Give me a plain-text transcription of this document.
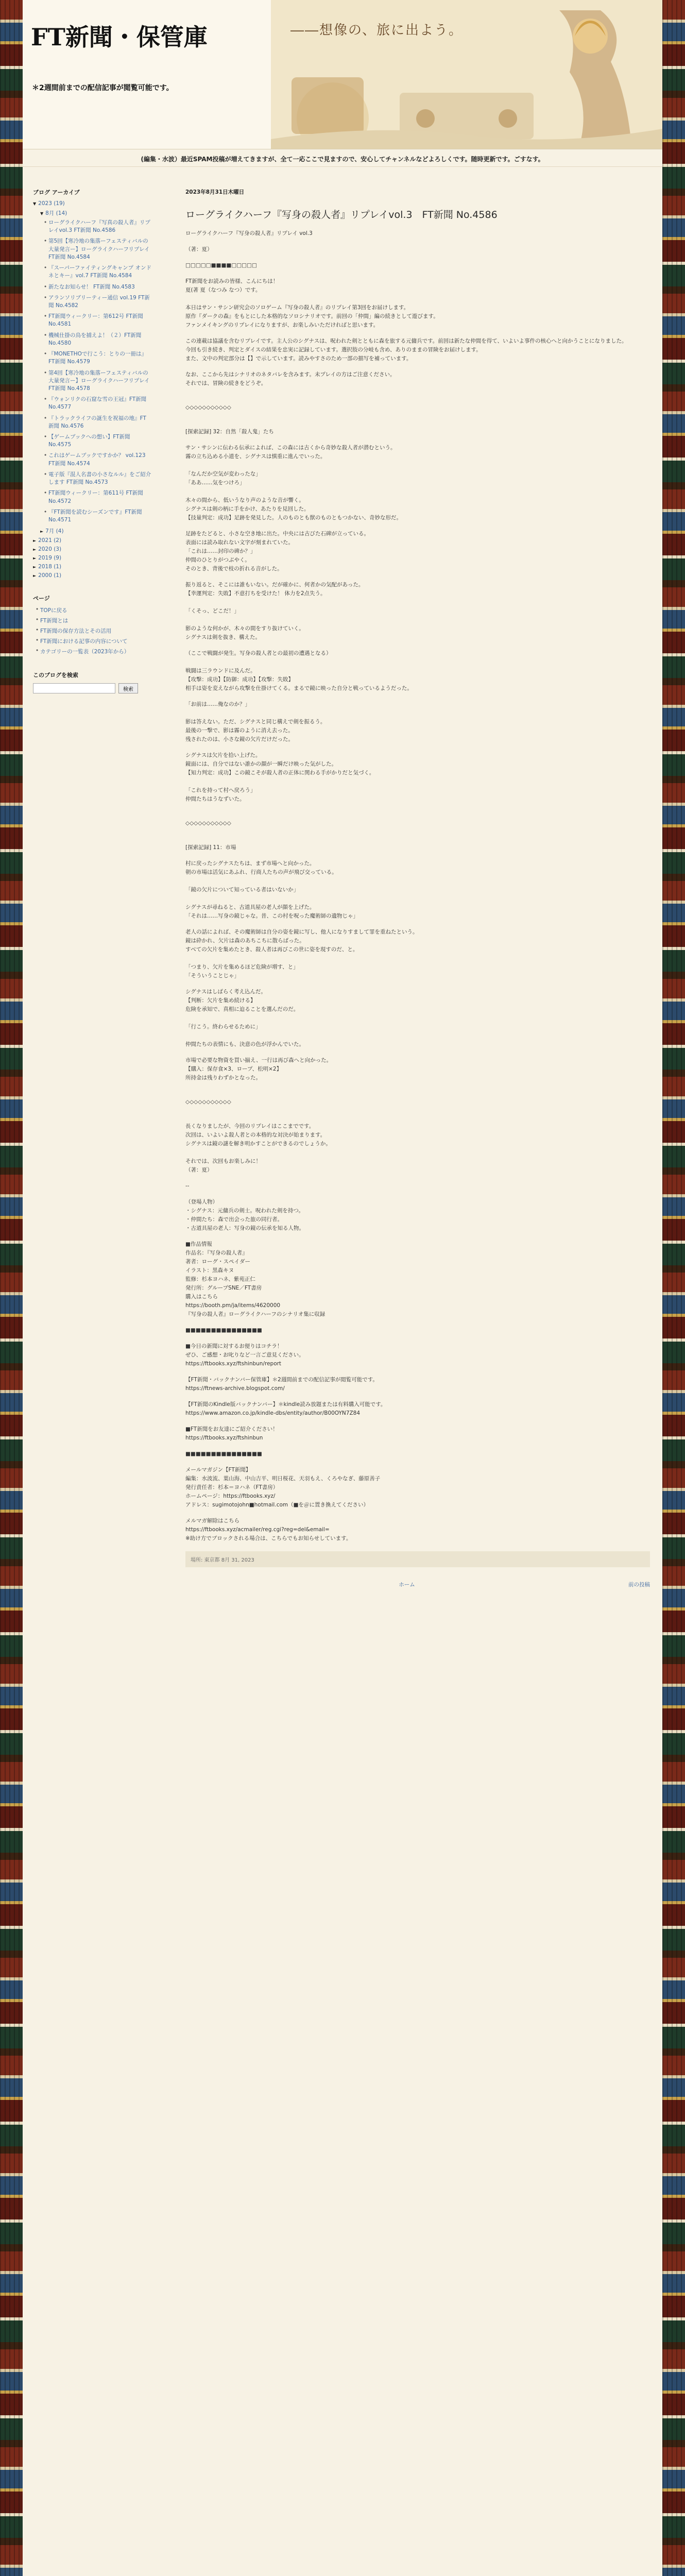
FT新聞・保管庫	――想像の、旅に出よう。
＊2週間前までの配信記事が閲覧可能です。
(編集・水波）最近SPAM投稿が増えてきますが、全て一応ここで見ますので、安心してチャンネルなどよろしくです。随時更新です。ごすなす。
ブログ アーカイブ
▼ 2023 (19)
▼ 8月 (14)
• ローグライクハーフ『写真の殺人者』リプレイvol.3 FT新聞 No.4586
• 第5回【寒冷地の集落ーフェスティバルの大量発言ー】ローグライクハーフリプレイ FT新聞 No.4584
• 『スーパーファイティングキャンプ オンドネとキー』vol.7 FT新聞 No.4584
• 新たなお知らせ！ FT新聞 No.4583
• アランソリブリーティー通信 vol.19 FT新聞 No.4582
• FT新聞ウィークリー：第612号 FT新聞 No.4581
• 機械仕掛の鳥を捕えよ！（２）FT新聞 No.4580
• 『MONETHOで行こう：とりの一冊は』FT新聞 No.4579
• 第4回【寒冷地の集落ーフェスティバルの大量発言ー】ローグライクハーフリプレイ FT新聞 No.4578
• 『ウォンリクの石窟な雪の王冠』FT新聞 No.4577
• 『トラックライフの誕生を祝福の地』FT新聞 No.4576
• 【ゲームブックへの想い】FT新聞 No.4575
• これはゲームブックですかか？ vol.123 FT新聞 No.4574
• 電子版『混人名書の小さなルル』をご紹介します FT新聞 No.4573
• FT新聞ウィークリー：第611号 FT新聞 No.4572
• 『FT新聞を読むシーズンです』FT新聞 No.4571
► 7月 (4)
► 2021 (2)
► 2020 (3)
► 2019 (9)
► 2018 (1)
► 2000 (1)
ページ
• TOPに戻る
• FT新聞とは
• FT新聞の保存方法とその活用
• FT新聞における記事の内容について
• カテゴリーの一覧表（2023年から）
このブログを検索
検索
2023年8月31日木曜日
ローグライクハーフ『写身の殺人者』リプレイvol.3　FT新聞 No.4586

ローグライクハーフ『写身の殺人者』リプレイ vol.3

（著：夏）

□□□□□■■■■□□□□□

FT新聞をお読みの皆様、こんにちは！
夏(著 夏（なつみ なつ）です。

本日はサン・サシン研究会のソロゲーム『写身の殺人者』のリプレイ第3回をお届けします。
原作『ダークの森』をもとにした本格的なソロシナリオです。前回の「仲間」編の続きとして遊びます。
ファンメイキングのリプレイになりますが、お楽しみいただければと思います。

この連載は協議を含むリプレイです。主人公のシグナスは、呪われた剣とともに森を旅する元傭兵です。前回は新たな仲間を得て、いよいよ事件の核心へと向かうことになりました。
今回も引き続き、判定とダイスの結果を忠実に記録しています。選択肢の分岐も含め、ありのままの冒険をお届けします。
また、文中の判定部分は【】で示しています。読みやすさのため一部の描写を補っています。

なお、ここから先はシナリオのネタバレを含みます。未プレイの方はご注意ください。
それでは、冒険の続きをどうぞ。

◇◇◇◇◇◇◇◇◇◇◇

[探索記録] 32：自然「殺人鬼」たち

サン・サシンに伝わる伝承によれば、この森には古くから奇妙な殺人者が潜むという。
霧の立ち込める小道を、シグナスは慎重に進んでいった。

「なんだか空気が変わったな」
「ああ……気をつけろ」

木々の間から、低いうなり声のような音が響く。
シグナスは剣の柄に手をかけ、あたりを見回した。
【技量判定：成功】足跡を発見した。人のものとも獣のものともつかない、奇妙な形だ。

足跡をたどると、小さな空き地に出た。中央には古びた石碑が立っている。
表面には読み取れない文字が刻まれていた。
「これは……封印の碑か？」
仲間のひとりがつぶやく。
そのとき、背後で枝の折れる音がした。

振り返ると、そこには誰もいない。だが確かに、何者かの気配があった。
【幸運判定：失敗】不意打ちを受けた！ 体力を2点失う。

「くそっ、どこだ！」

影のような何かが、木々の間をすり抜けていく。
シグナスは剣を抜き、構えた。

（ここで戦闘が発生。写身の殺人者との最初の遭遇となる）

戦闘は三ラウンドに及んだ。
【攻撃：成功】【防御：成功】【攻撃：失敗】
相手は姿を変えながら攻撃を仕掛けてくる。まるで鏡に映った自分と戦っているようだった。

「お前は……俺なのか？」

影は答えない。ただ、シグナスと同じ構えで剣を振るう。
最後の一撃で、影は霧のように消え去った。
残されたのは、小さな鏡の欠片だけだった。

シグナスは欠片を拾い上げた。
鏡面には、自分ではない誰かの顔が一瞬だけ映った気がした。
【知力判定：成功】この鏡こそが殺人者の正体に関わる手がかりだと気づく。

「これを持って村へ戻ろう」
仲間たちはうなずいた。

◇◇◇◇◇◇◇◇◇◇◇

[探索記録] 11：市場

村に戻ったシグナスたちは、まず市場へと向かった。
朝の市場は活気にあふれ、行商人たちの声が飛び交っている。

「鏡の欠片について知っている者はいないか」

シグナスが尋ねると、古道具屋の老人が顔を上げた。
「それは……写身の鏡じゃな。昔、この村を呪った魔術師の遺物じゃ」

老人の話によれば、その魔術師は自分の姿を鏡に写し、他人になりすまして罪を重ねたという。
鏡は砕かれ、欠片は森のあちこちに散らばった。
すべての欠片を集めたとき、殺人者は再びこの世に姿を現すのだ、と。

「つまり、欠片を集めるほど危険が増す、と」
「そういうことじゃ」

シグナスはしばらく考え込んだ。
【判断：欠片を集め続ける】
危険を承知で、真相に迫ることを選んだのだ。

「行こう。終わらせるために」

仲間たちの表情にも、決意の色が浮かんでいた。

市場で必要な物資を買い揃え、一行は再び森へと向かった。
【購入：保存食×3、ロープ、松明×2】
所持金は残りわずかとなった。

◇◇◇◇◇◇◇◇◇◇◇

長くなりましたが、今回のリプレイはここまでです。
次回は、いよいよ殺人者との本格的な対決が始まります。
シグナスは鏡の謎を解き明かすことができるのでしょうか。

それでは、次回もお楽しみに！
（著：夏）

--

（登場人物）
・シグナス：元傭兵の剣士。呪われた剣を持つ。
・仲間たち：森で出会った旅の同行者。
・古道具屋の老人：写身の鏡の伝承を知る人物。

■作品情報
作品名：『写身の殺人者』
著者：ローグ・スペイダー
イラスト：黒森キヌ
監修：杉本ヨハネ、紫苑正仁
発行所：グループSNE／FT書房
購入はこちら
https://booth.pm/ja/items/4620000
『写身の殺人者』ローグライクハーフのシナリオ集に収録

■■■■■■■■■■■■■■■

■今日の新聞に対するお便りはコチラ！
ぜひ、ご感想・お叱りなど一言ご意見ください。
https://ftbooks.xyz/ftshinbun/report

【FT新聞・バックナンバー保管庫】＊2週間前までの配信記事が閲覧可能です。
https://ftnews-archive.blogspot.com/

【FT新聞のKindle版バックナンバー】＊kindle読み放題または有料購入可能です。
https://www.amazon.co.jp/kindle-dbs/entity/author/B00OYN7Z84

■FT新聞をお友達にご紹介ください！
https://ftbooks.xyz/ftshinbun

■■■■■■■■■■■■■■■

メールマガジン【FT新聞】
編集：水波流、葉山海、中山吉平、明日桜花、天羽もえ、くろやなぎ、藤原善子
発行責任者：杉本＝ヨハネ（FT書房）
ホームページ：https://ftbooks.xyz/
アドレス：sugimotojohn■hotmail.com（■を＠に置き換えてください）

メルマガ解除はこちら
https://ftbooks.xyz/acmailer/reg.cgi?reg=del&email=
※助け方でブロックされる場合は、こちらでもお知らせしています。

場所: 東京都 8月 31, 2023
ホーム	前の投稿
